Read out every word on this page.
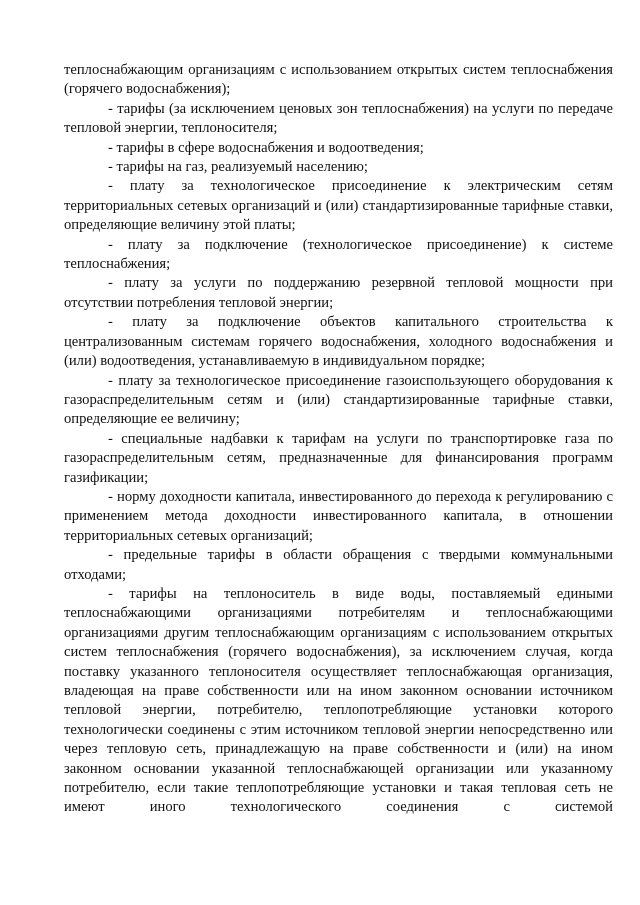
теплоснабжающим организациям с использованием открытых систем теплоснабжения (горячего водоснабжения);

- тарифы (за исключением ценовых зон теплоснабжения) на услуги по передаче тепловой энергии, теплоносителя;

- тарифы в сфере водоснабжения и водоотведения;

- тарифы на газ, реализуемый населению;

- плату за технологическое присоединение к электрическим сетям территориальных сетевых организаций и (или) стандартизированные тарифные ставки, определяющие величину этой платы;

- плату за подключение (технологическое присоединение) к системе теплоснабжения;

- плату за услуги по поддержанию резервной тепловой мощности при отсутствии потребления тепловой энергии;

- плату за подключение объектов капитального строительства к централизованным системам горячего водоснабжения, холодного водоснабжения и (или) водоотведения, устанавливаемую в индивидуальном порядке;

- плату за технологическое присоединение газоиспользующего оборудования к газораспределительным сетям и (или) стандартизированные тарифные ставки, определяющие ее величину;

- специальные надбавки к тарифам на услуги по транспортировке газа по газораспределительным сетям, предназначенные для финансирования программ газификации;

- норму доходности капитала, инвестированного до перехода к регулированию с применением метода доходности инвестированного капитала, в отношении территориальных сетевых организаций;

- предельные тарифы в области обращения с твердыми коммунальными отходами;

- тарифы на теплоноситель в виде воды, поставляемый едиными теплоснабжающими организациями потребителям и теплоснабжающими организациями другим теплоснабжающим организациям с использованием открытых систем теплоснабжения (горячего водоснабжения), за исключением случая, когда поставку указанного теплоносителя осуществляет теплоснабжающая организация, владеющая на праве собственности или на ином законном основании источником тепловой энергии, потребителю, теплопотребляющие установки которого технологически соединены с этим источником тепловой энергии непосредственно или через тепловую сеть, принадлежащую на праве собственности и (или) на ином законном основании указанной теплоснабжающей организации или указанному потребителю, если такие теплопотребляющие установки и такая тепловая сеть не имеют иного технологического соединения с системой
